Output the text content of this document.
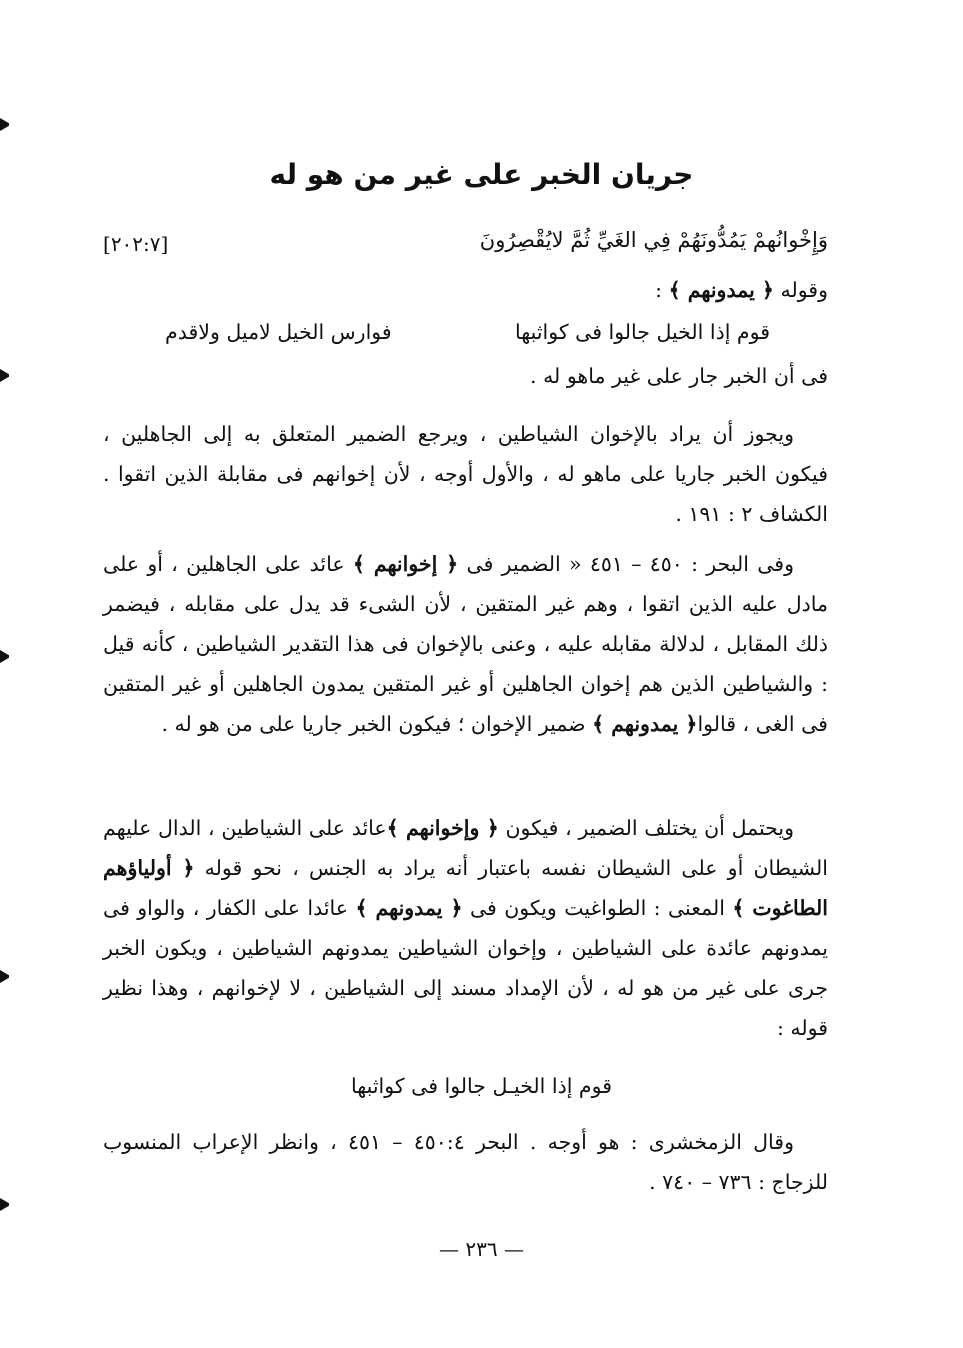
جريان الخبر على غير من هو له
وَإِخْوانُهمْ يَمُدُّونَهُمْ فِي الغَيِّ ثُمَّ لايُقْصِرُونَ
[٢٠٢:٧]
وقوله ﴿ يمدونهم ﴾ :
قوم إذا الخيل جالوا فى كواثبها
فوارس الخيل لاميل ولاقدم
فى أن الخبر جار على غير ماهو له .

ويجوز أن يراد بالإخوان الشياطين ، ويرجع الضمير المتعلق به إلى الجاهلين ، فيكون الخبر جاريا على ماهو له ، والأول أوجه ، لأن إخوانهم فى مقابلة الذين اتقوا . الكشاف ٢ : ١٩١ .

وفى البحر : ٤٥٠ – ٤٥١ « الضمير فى ﴿ إخوانهم ﴾ عائد على الجاهلين ، أو على مادل عليه الذين اتقوا ، وهم غير المتقين ، لأن الشىء قد يدل على مقابله ، فيضمر ذلك المقابل ، لدلالة مقابله عليه ، وعنى بالإخوان فى هذا التقدير الشياطين ، كأنه قيل : والشياطين الذين هم إخوان الجاهلين أو غير المتقين يمدون الجاهلين أو غير المتقين فى الغى ، قالوا﴿ يمدونهم ﴾ ضمير الإخوان ؛ فيكون الخبر جاريا على من هو له .

ويحتمل أن يختلف الضمير ، فيكون ﴿ وإخوانهم ﴾عائد على الشياطين ، الدال عليهم الشيطان أو على الشيطان نفسه باعتبار أنه يراد به الجنس ، نحو قوله ﴿ أولياؤهم الطاغوت ﴾ المعنى : الطواغيت ويكون فى ﴿ يمدونهم ﴾ عائدا على الكفار ، والواو فى يمدونهم عائدة على الشياطين ، وإخوان الشياطين يمدونهم الشياطين ، ويكون الخبر جرى على غير من هو له ، لأن الإمداد مسند إلى الشياطين ، لا لإخوانهم ، وهذا نظير قوله :

قوم إذا الخيـل جالوا فى كواثبها

وقال الزمخشرى : هو أوجه . البحر ٤٥٠:٤ – ٤٥١ ، وانظر الإعراب المنسوب للزجاج : ٧٣٦ – ٧٤٠ .

— ٢٣٦ —
